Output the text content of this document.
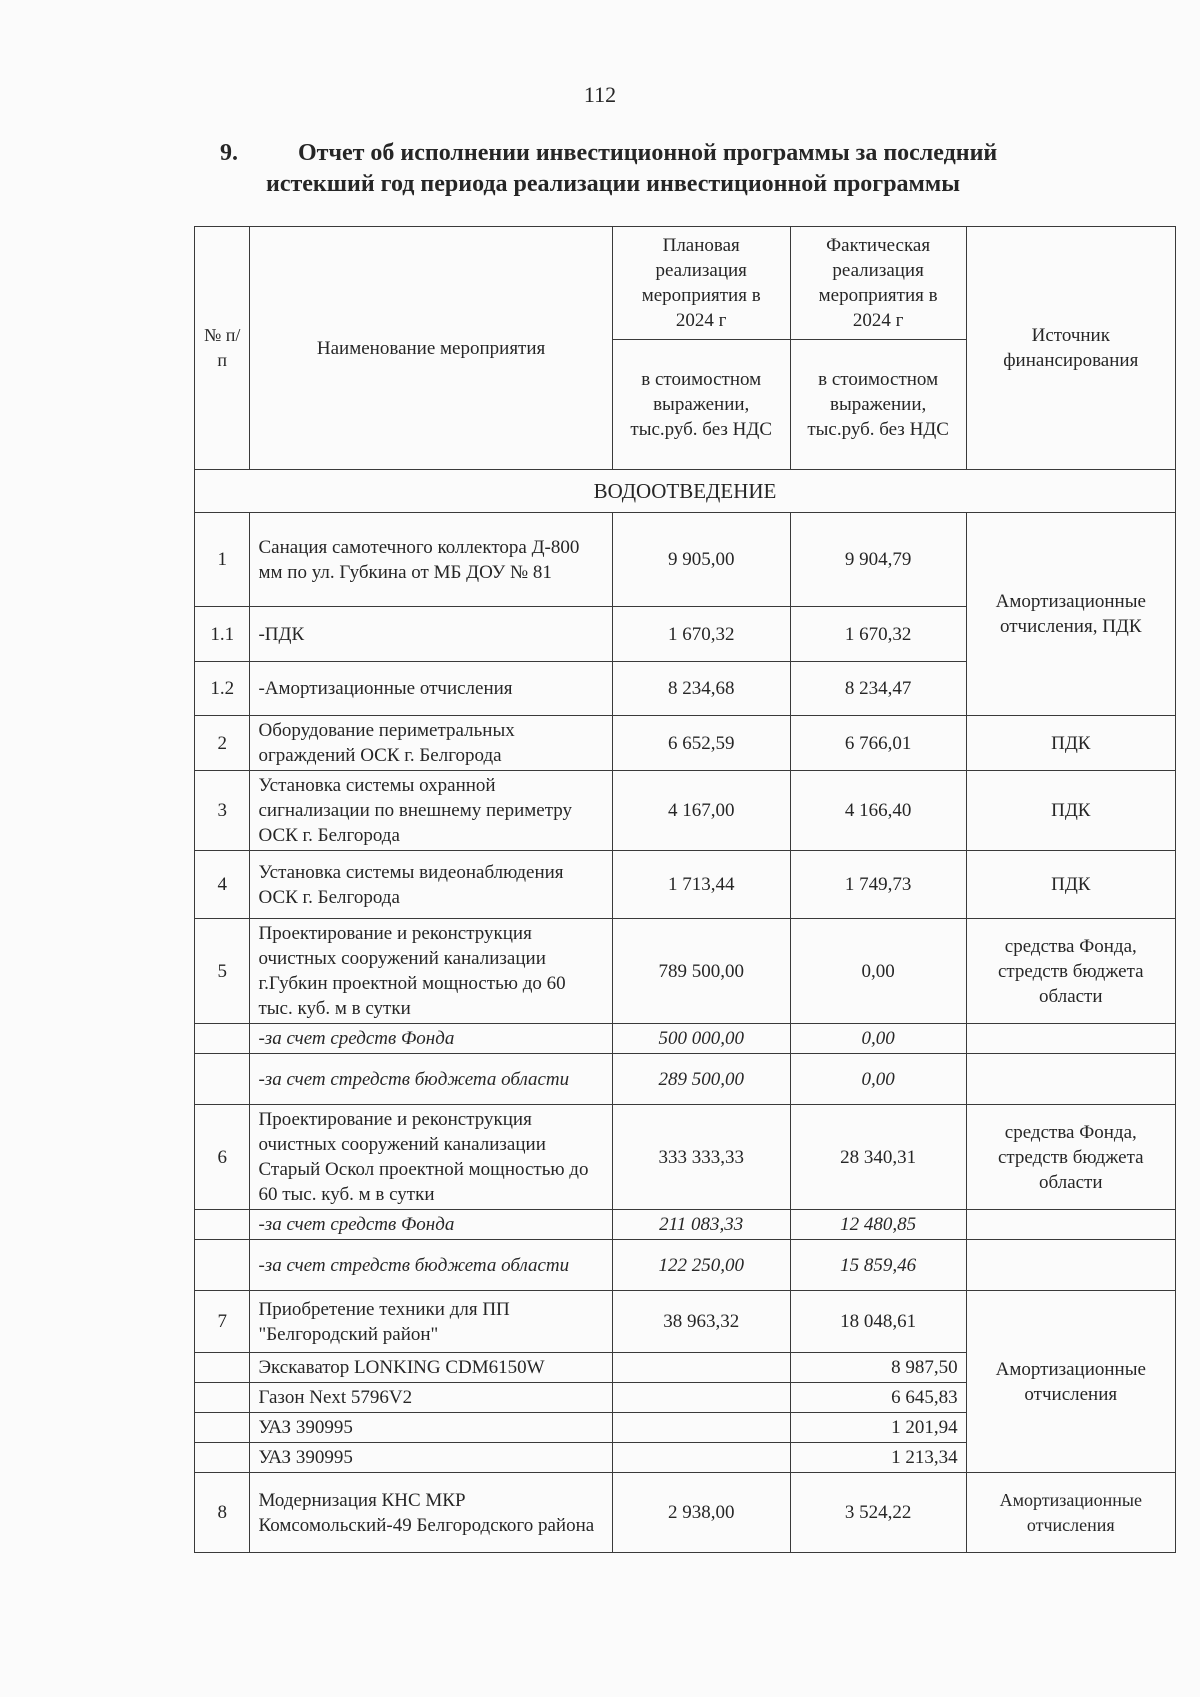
112
9.	Отчет об исполнении инвестиционной программы за последний
истекший год периода реализации инвестиционной программы
№ п/п	Наименование мероприятия	Плановая реализация мероприятия в 2024 г	Фактическая реализация мероприятия в 2024 г	Источник финансирования
		в стоимостном выражении, тыс.руб. без НДС	в стоимостном выражении, тыс.руб. без НДС	
ВОДООТВЕДЕНИЕ				
1	Санация самотечного коллектора Д-800 мм по ул. Губкина от МБ ДОУ № 81	9 905,00	9 904,79	Амортизационные отчисления, ПДК
1.1	-ПДК	1 670,32	1 670,32	
1.2	-Амортизационные отчисления	8 234,68	8 234,47	
2	Оборудование периметральных ограждений ОСК г. Белгорода	6 652,59	6 766,01	ПДК
3	Установка системы охранной сигнализации по внешнему периметру ОСК г. Белгорода	4 167,00	4 166,40	ПДК
4	Установка системы видеонаблюдения ОСК г. Белгорода	1 713,44	1 749,73	ПДК
5	Проектирование и реконструкция очистных сооружений канализации г.Губкин проектной мощностью до 60 тыс. куб. м в сутки	789 500,00	0,00	средства Фонда, стредств бюджета области
	-за счет средств Фонда	500 000,00	0,00	
	-за счет стредств бюджета области	289 500,00	0,00	
6	Проектирование и реконструкция очистных сооружений канализации Старый Оскол проектной мощностью до 60 тыс. куб. м в сутки	333 333,33	28 340,31	средства Фонда, стредств бюджета области
	-за счет средств Фонда	211 083,33	12 480,85	
	-за счет стредств бюджета области	122 250,00	15 859,46	
7	Приобретение техники для ПП "Белгородский район"	38 963,32	18 048,61	Амортизационные отчисления
	Экскаватор LONKING CDM6150W		8 987,50	
	Газон Next 5796V2		6 645,83	
	УАЗ 390995		1 201,94	
	УАЗ 390995		1 213,34	
8	Модернизация КНС МКР Комсомольский-49 Белгородского района	2 938,00	3 524,22	Амортизационные отчисления
